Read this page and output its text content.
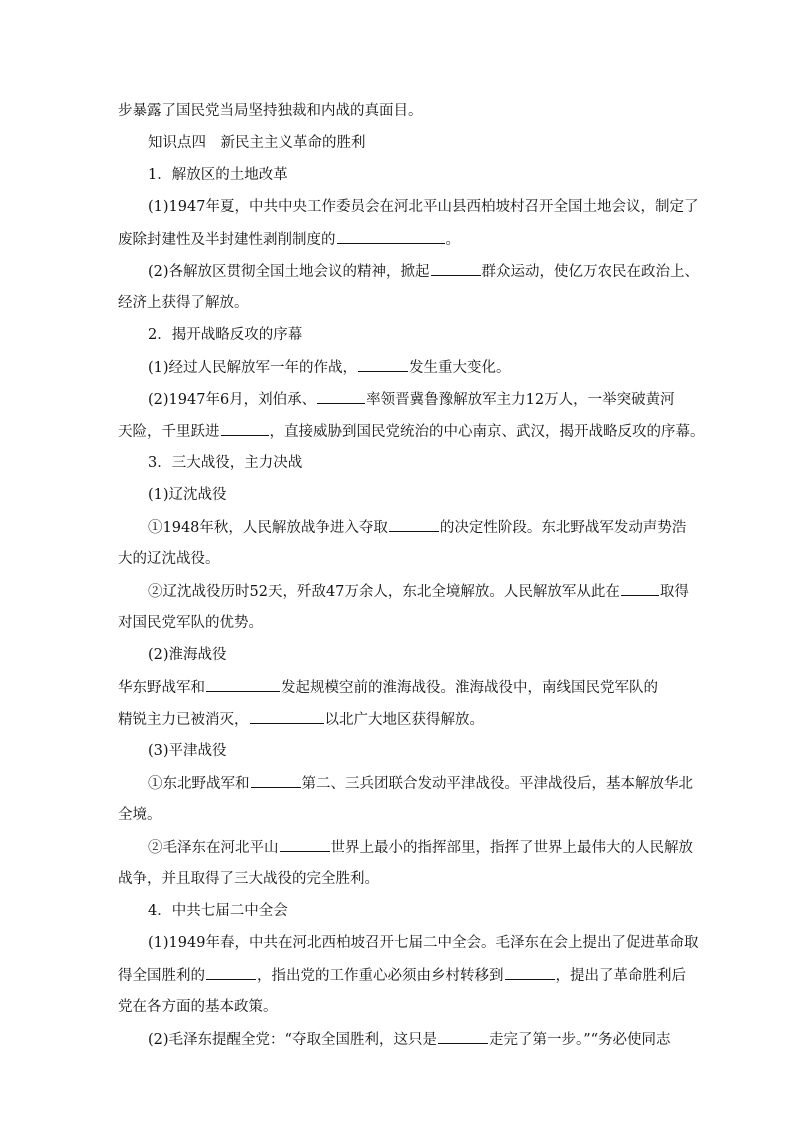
步暴露了国民党当局坚持独裁和内战的真面目。
知识点四　新民主主义革命的胜利
1．解放区的土地改革
(1)1947年夏，中共中央工作委员会在河北平山县西柏坡村召开全国土地会议，制定了
废除封建性及半封建性剥削制度的	。
(2)各解放区贯彻全国土地会议的精神，掀起	群众运动，使亿万农民在政治上、
经济上获得了解放。
2．揭开战略反攻的序幕
(1)经过人民解放军一年的作战，	发生重大变化。
(2)1947年6月，刘伯承、	率领晋冀鲁豫解放军主力12万人，一举突破黄河
天险，千里跃进	，直接威胁到国民党统治的中心南京、武汉，揭开战略反攻的序幕。
3．三大战役，主力决战
(1)辽沈战役
①1948年秋，人民解放战争进入夺取	的决定性阶段。东北野战军发动声势浩
大的辽沈战役。
②辽沈战役历时52天，歼敌47万余人，东北全境解放。人民解放军从此在	取得
对国民党军队的优势。
(2)淮海战役
华东野战军和	发起规模空前的淮海战役。淮海战役中，南线国民党军队的
精锐主力已被消灭，	以北广大地区获得解放。
(3)平津战役
①东北野战军和	第二、三兵团联合发动平津战役。平津战役后，基本解放华北
全境。
②毛泽东在河北平山	世界上最小的指挥部里，指挥了世界上最伟大的人民解放
战争，并且取得了三大战役的完全胜利。
4．中共七届二中全会
(1)1949年春，中共在河北西柏坡召开七届二中全会。毛泽东在会上提出了促进革命取
得全国胜利的	，指出党的工作重心必须由乡村转移到	，提出了革命胜利后
党在各方面的基本政策。
(2)毛泽东提醒全党：“夺取全国胜利，这只是	走完了第一步。”“务必使同志
